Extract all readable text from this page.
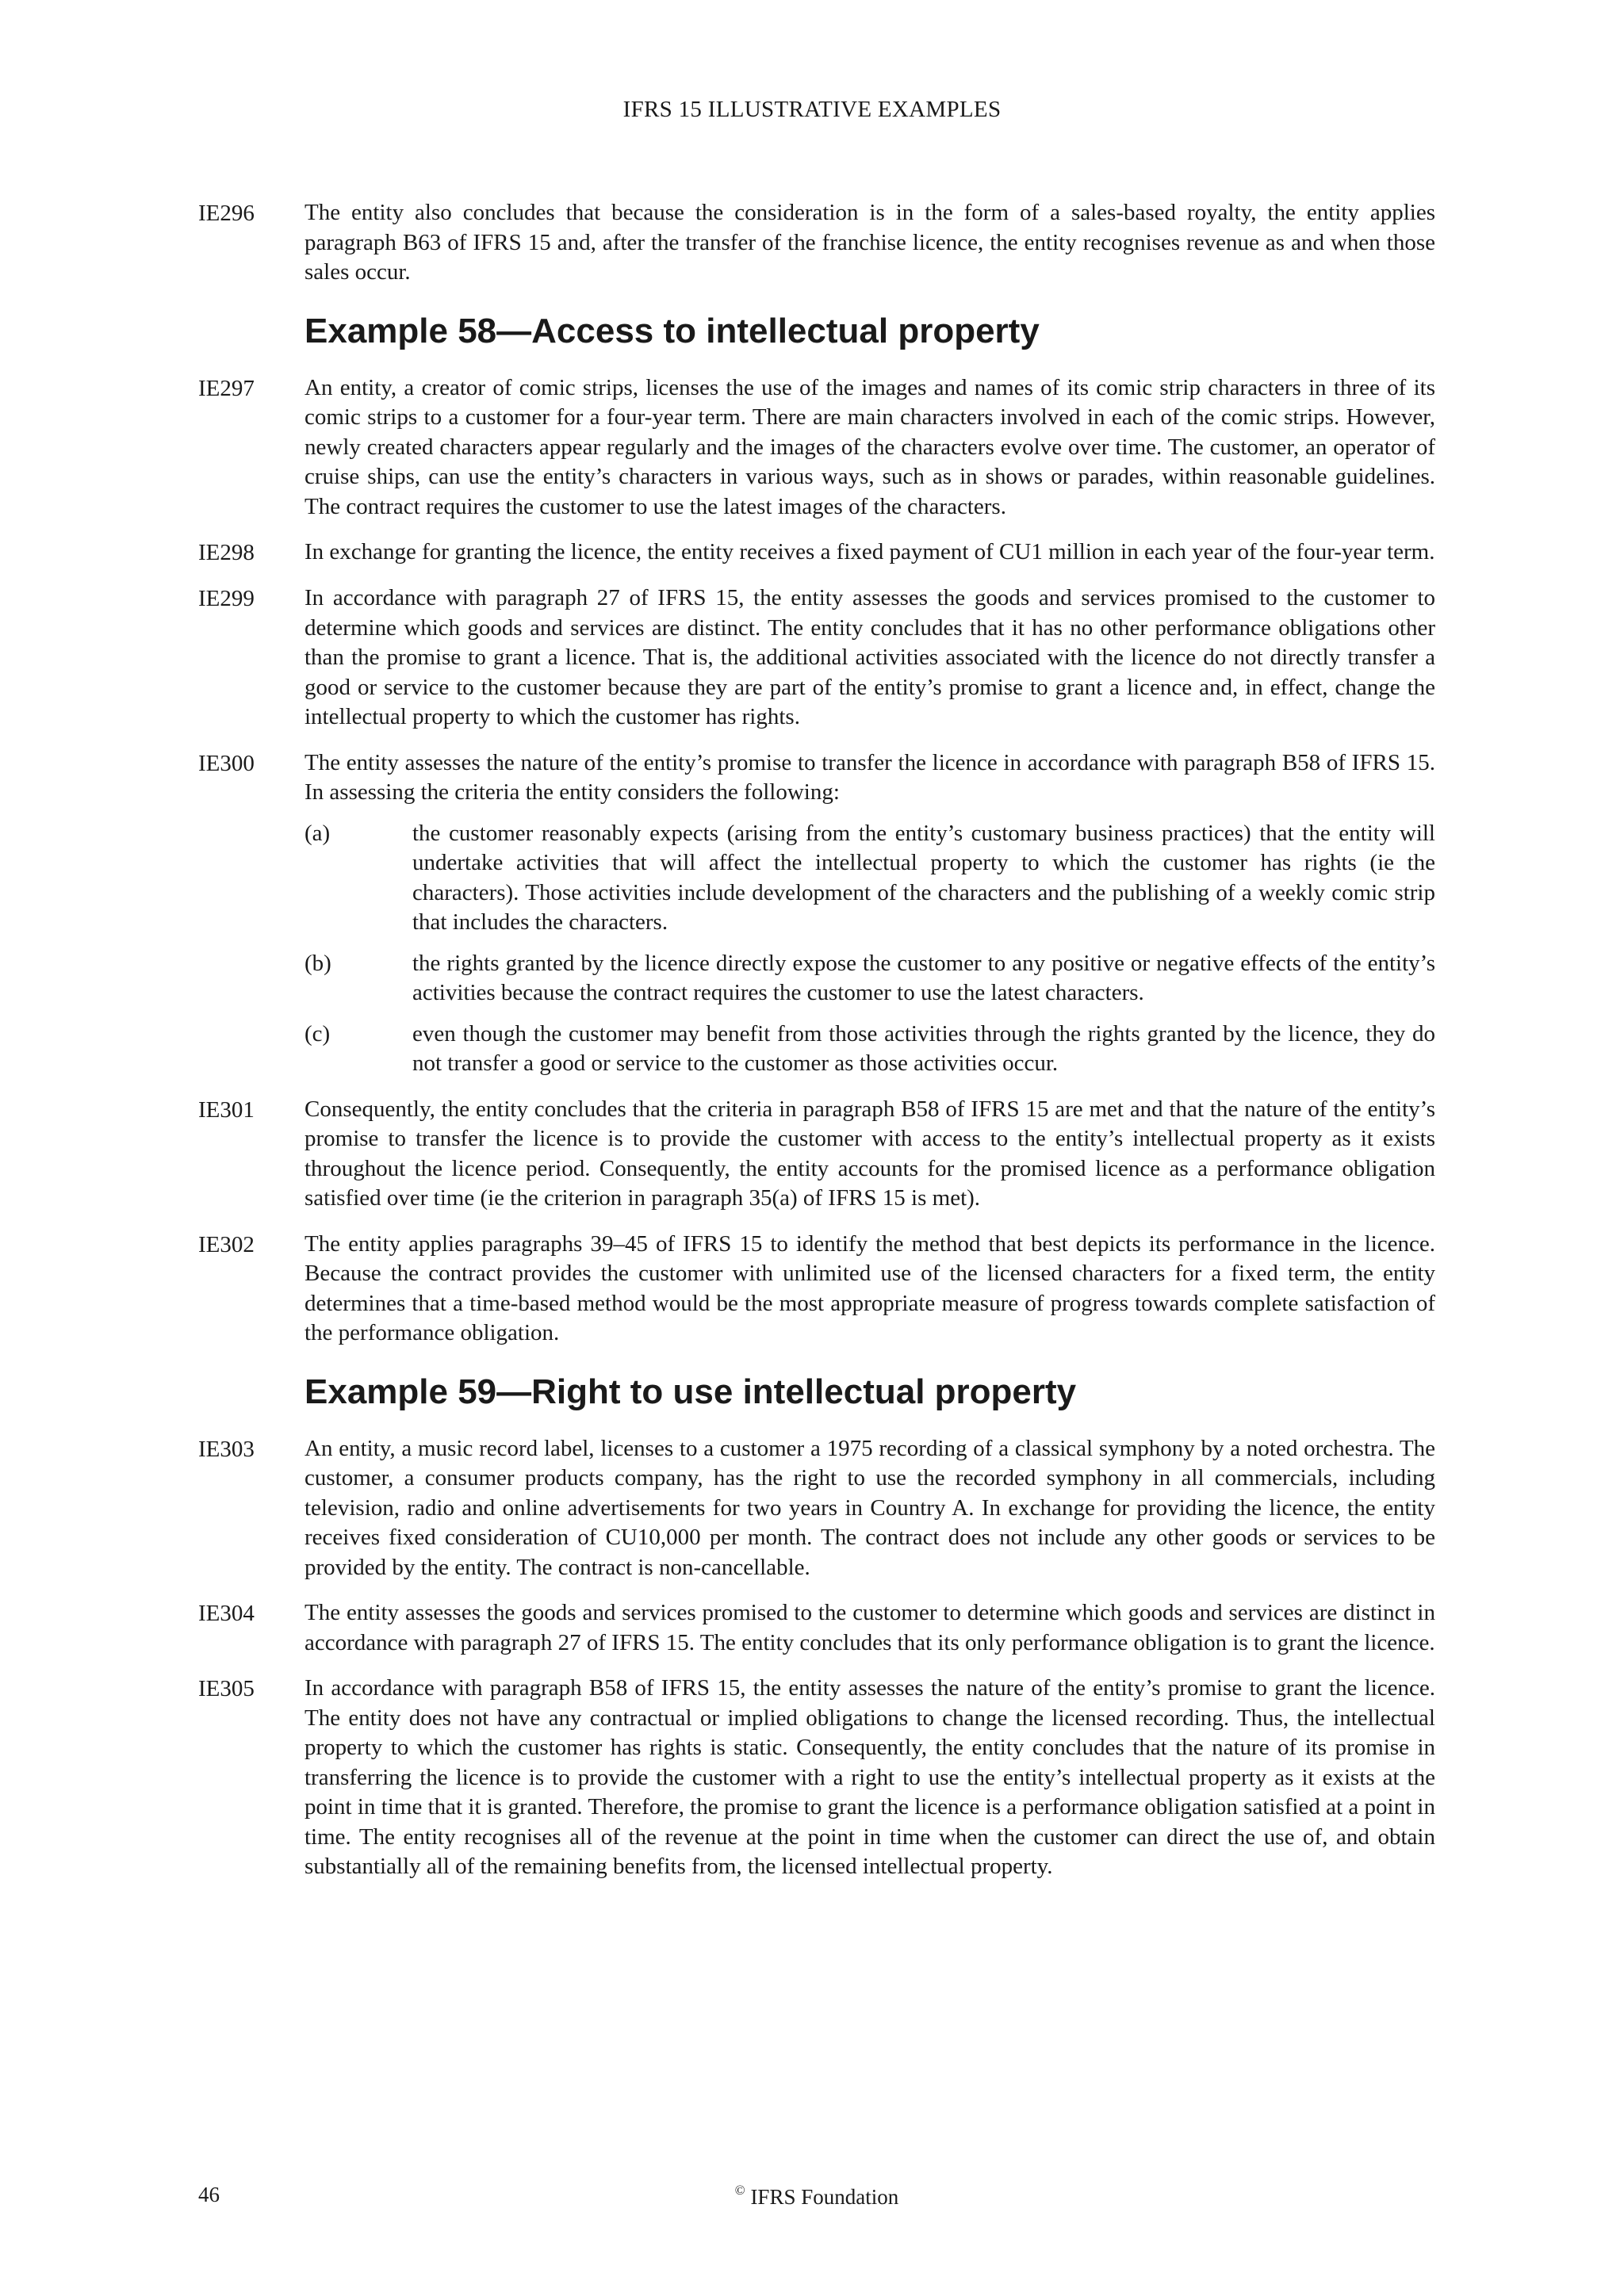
IFRS 15 ILLUSTRATIVE EXAMPLES
IE296	The entity also concludes that because the consideration is in the form of a sales-based royalty, the entity applies paragraph B63 of IFRS 15 and, after the transfer of the franchise licence, the entity recognises revenue as and when those sales occur.

Example 58—Access to intellectual property
IE297	An entity, a creator of comic strips, licenses the use of the images and names of its comic strip characters in three of its comic strips to a customer for a four-year term. There are main characters involved in each of the comic strips. However, newly created characters appear regularly and the images of the characters evolve over time. The customer, an operator of cruise ships, can use the entity’s characters in various ways, such as in shows or parades, within reasonable guidelines. The contract requires the customer to use the latest images of the characters.

IE298	In exchange for granting the licence, the entity receives a fixed payment of CU1 million in each year of the four-year term.

IE299	In accordance with paragraph 27 of IFRS 15, the entity assesses the goods and services promised to the customer to determine which goods and services are distinct. The entity concludes that it has no other performance obligations other than the promise to grant a licence. That is, the additional activities associated with the licence do not directly transfer a good or service to the customer because they are part of the entity’s promise to grant a licence and, in effect, change the intellectual property to which the customer has rights.

IE300	The entity assesses the nature of the entity’s promise to transfer the licence in accordance with paragraph B58 of IFRS 15. In assessing the criteria the entity considers the following:

(a)	the customer reasonably expects (arising from the entity’s customary business practices) that the entity will undertake activities that will affect the intellectual property to which the customer has rights (ie the characters). Those activities include development of the characters and the publishing of a weekly comic strip that includes the characters.

(b)	the rights granted by the licence directly expose the customer to any positive or negative effects of the entity’s activities because the contract requires the customer to use the latest characters.

(c)	even though the customer may benefit from those activities through the rights granted by the licence, they do not transfer a good or service to the customer as those activities occur.

IE301	Consequently, the entity concludes that the criteria in paragraph B58 of IFRS 15 are met and that the nature of the entity’s promise to transfer the licence is to provide the customer with access to the entity’s intellectual property as it exists throughout the licence period. Consequently, the entity accounts for the promised licence as a performance obligation satisfied over time (ie the criterion in paragraph 35(a) of IFRS 15 is met).

IE302	The entity applies paragraphs 39–45 of IFRS 15 to identify the method that best depicts its performance in the licence. Because the contract provides the customer with unlimited use of the licensed characters for a fixed term, the entity determines that a time-based method would be the most appropriate measure of progress towards complete satisfaction of the performance obligation.

Example 59—Right to use intellectual property
IE303	An entity, a music record label, licenses to a customer a 1975 recording of a classical symphony by a noted orchestra. The customer, a consumer products company, has the right to use the recorded symphony in all commercials, including television, radio and online advertisements for two years in Country A. In exchange for providing the licence, the entity receives fixed consideration of CU10,000 per month. The contract does not include any other goods or services to be provided by the entity. The contract is non-cancellable.

IE304	The entity assesses the goods and services promised to the customer to determine which goods and services are distinct in accordance with paragraph 27 of IFRS 15. The entity concludes that its only performance obligation is to grant the licence.

IE305	In accordance with paragraph B58 of IFRS 15, the entity assesses the nature of the entity’s promise to grant the licence. The entity does not have any contractual or implied obligations to change the licensed recording. Thus, the intellectual property to which the customer has rights is static. Consequently, the entity concludes that the nature of its promise in transferring the licence is to provide the customer with a right to use the entity’s intellectual property as it exists at the point in time that it is granted. Therefore, the promise to grant the licence is a performance obligation satisfied at a point in time. The entity recognises all of the revenue at the point in time when the customer can direct the use of, and obtain substantially all of the remaining benefits from, the licensed intellectual property.

46	© IFRS Foundation
